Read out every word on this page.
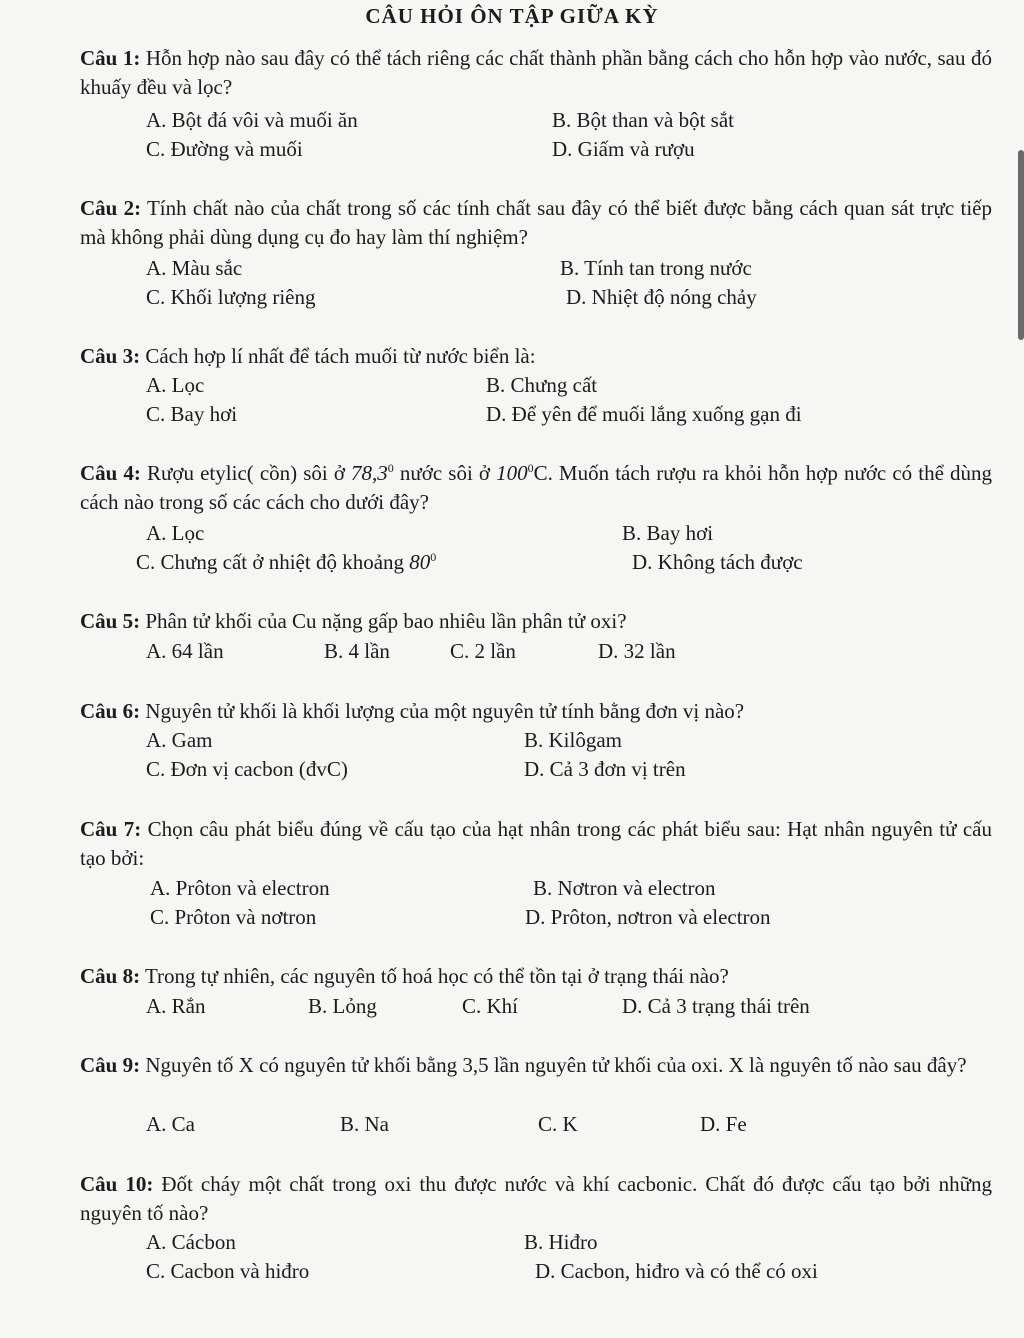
CÂU HỎI ÔN TẬP GIỮA KỲ
Câu 1: Hỗn hợp nào sau đây có thể tách riêng các chất thành phần bằng cách cho hỗn hợp vào nước, sau đó khuấy đều và lọc?
A. Bột đá vôi và muối ăn	B. Bột than và bột sắt
C. Đường và muối	D. Giấm và rượu
Câu 2: Tính chất nào của chất trong số các tính chất sau đây có thể biết được bằng cách quan sát trực tiếp mà không phải dùng dụng cụ đo hay làm thí nghiệm?
A. Màu sắc	B. Tính tan trong nước
C. Khối lượng riêng	D. Nhiệt độ nóng chảy
Câu 3: Cách hợp lí nhất để tách muối từ nước biển là:
A. Lọc	B. Chưng cất
C. Bay hơi	D. Để yên để muối lắng xuống gạn đi
Câu 4: Rượu etylic( cồn) sôi ở 78,3$^0$ nước sôi ở $100^0C$. Muốn tách rượu ra khỏi hỗn hợp nước có thể dùng cách nào trong số các cách cho dưới đây?
A. Lọc	B. Bay hơi
C. Chưng cất ở nhiệt độ khoảng $80^0$	D. Không tách được
Câu 5: Phân tử khối của Cu nặng gấp bao nhiêu lần phân tử oxi?
A. 64 lần	B. 4 lần	C. 2 lần	D. 32 lần
Câu 6: Nguyên tử khối là khối lượng của một nguyên tử tính bằng đơn vị nào?
A. Gam	B. Kilôgam
C. Đơn vị cacbon (đvC)	D. Cả 3 đơn vị trên
Câu 7: Chọn câu phát biểu đúng về cấu tạo của hạt nhân trong các phát biểu sau: Hạt nhân nguyên tử cấu tạo bởi:
A. Prôton và electron	B. Nơtron và electron
C. Prôton và nơtron	D. Prôton, nơtron và electron
Câu 8: Trong tự nhiên, các nguyên tố hoá học có thể tồn tại ở trạng thái nào?
A. Rắn	B. Lỏng	C. Khí	D. Cả 3 trạng thái trên
Câu 9: Nguyên tố X có nguyên tử khối bằng 3,5 lần nguyên tử khối của oxi. X là nguyên tố nào sau đây?
A. Ca	B. Na	C. K	D. Fe
Câu 10: Đốt cháy một chất trong oxi thu được nước và khí cacbonic. Chất đó được cấu tạo bởi những nguyên tố nào?
A. Cácbon	B. Hiđro
C. Cacbon và hiđro	D. Cacbon, hiđro và có thể có oxi
